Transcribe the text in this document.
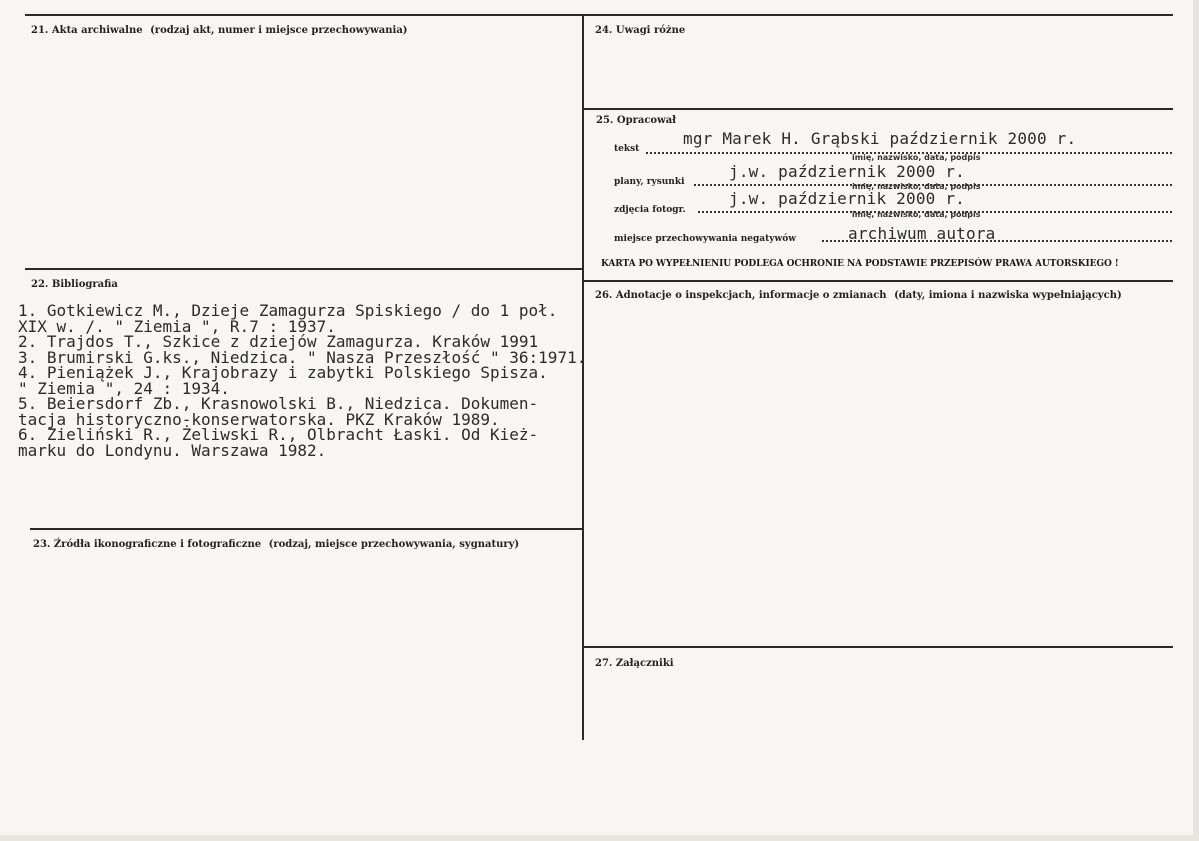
21. Akta archiwalne (rodzaj akt, numer i miejsce przechowywania)	24. Uwagi różne
25. Opracował
tekst
mgr Marek H. Grąbski październik 2000 r.
imię, nazwisko, data, podpis
plany, rysunki
j.w. październik 2000 r.
imię, nazwisko, data, podpis
zdjęcia fotogr.
j.w. październik 2000 r.
imię, nazwisko, data, podpis
miejsce przechowywania negatywów	archiwum autora
KARTA PO WYPEŁNIENIU PODLEGA OCHRONIE NA PODSTAWIE PRZEPISÓW PRAWA AUTORSKIEGO !
22. Bibliografia
1. Gotkiewicz M., Dzieje Zamagurza Spiskiego / do 1 poł.
XIX w. /. " Ziemia ", R.7 : 1937.
2. Trajdos T., Szkice z dziejów Zamagurza. Kraków 1991
3. Brumirski G.ks., Niedzica. " Nasza Przeszłość " 36:1971.
4. Pieniążek J., Krajobrazy i zabytki Polskiego Spisza.
" Ziemia ", 24 : 1934.
5. Beiersdorf Zb., Krasnowolski B., Niedzica. Dokumen-
tacja historyczno-konserwatorska. PKZ Kraków 1989.
6. Zieliński R., Żeliwski R., Olbracht Łaski. Od Kież-
marku do Londynu. Warszawa 1982.
26. Adnotacje o inspekcjach, informacje o zmianach (daty, imiona i nazwiska wypełniających)
23. Źródła ikonograficzne i fotograficzne (rodzaj, miejsce przechowywania, sygnatury)
27. Załączniki
